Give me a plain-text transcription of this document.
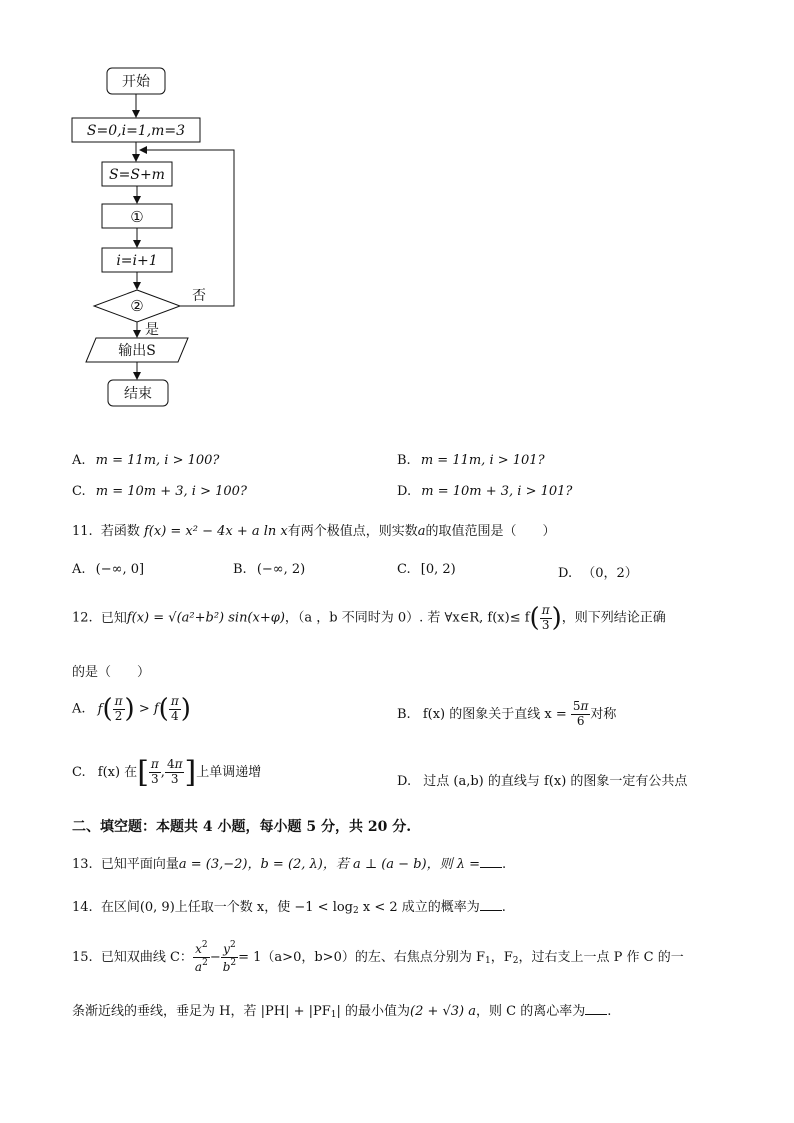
开始
S=0,i=1,m=3
S=S+m
①
i=i+1
②
否
是
输出S
结束
A. m = 11m, i > 100?	B. m = 11m, i > 101?
C. m = 10m + 3, i > 100?	D. m = 10m + 3, i > 101?
11. 若函数 f(x) = x² − 4x + a ln x有两个极值点，则实数a的取值范围是（　　）
A. (−∞, 0]	B. (−∞, 2)	C. [0, 2)	D. （0，2）
12. 已知f(x) = √(a²+b²) sin(x+φ)，（a ，b 不同时为 0）. 若 ∀x∈R, $f(x)\le f( \frac{\pi}{3}$ )，则下列结论正确
的是（　　）
A. $f( \frac{\pi}{2}$ ) > $f( \frac{\pi}{4}$ )	B. f(x) 的图象关于直线 $x = \frac{5\pi}{6}$ 对称
C. f(x) 在[ $\frac{\pi}{3}$ , $\frac{4\pi}{3}$ ]上单调递增
D. 过点 (a,b) 的直线与 f(x) 的图象一定有公共点
二、填空题：本题共 4 小题，每小题 5 分，共 20 分.
13. 已知平面向量a = (3,−2)，b = (2, λ)，若 a ⊥ (a − b)，则 λ = .
14. 在区间(0, 9)上任取一个数 x，使 $-1 < \log_2 x < 2$ 成立的概率为 .
15. 已知双曲线 C： $\frac{x^2}{a^2} - \frac{y^2}{b^2} = 1(a>0$，b>0）的左、右焦点分别为 $F_1$，$F_2$，过右支上一点 P 作 C 的一
条渐近线的垂线，垂足为 H，若 $|PH| + |PF_1|$ 的最小值为(2 + √3) a，则 C 的离心率为 .
